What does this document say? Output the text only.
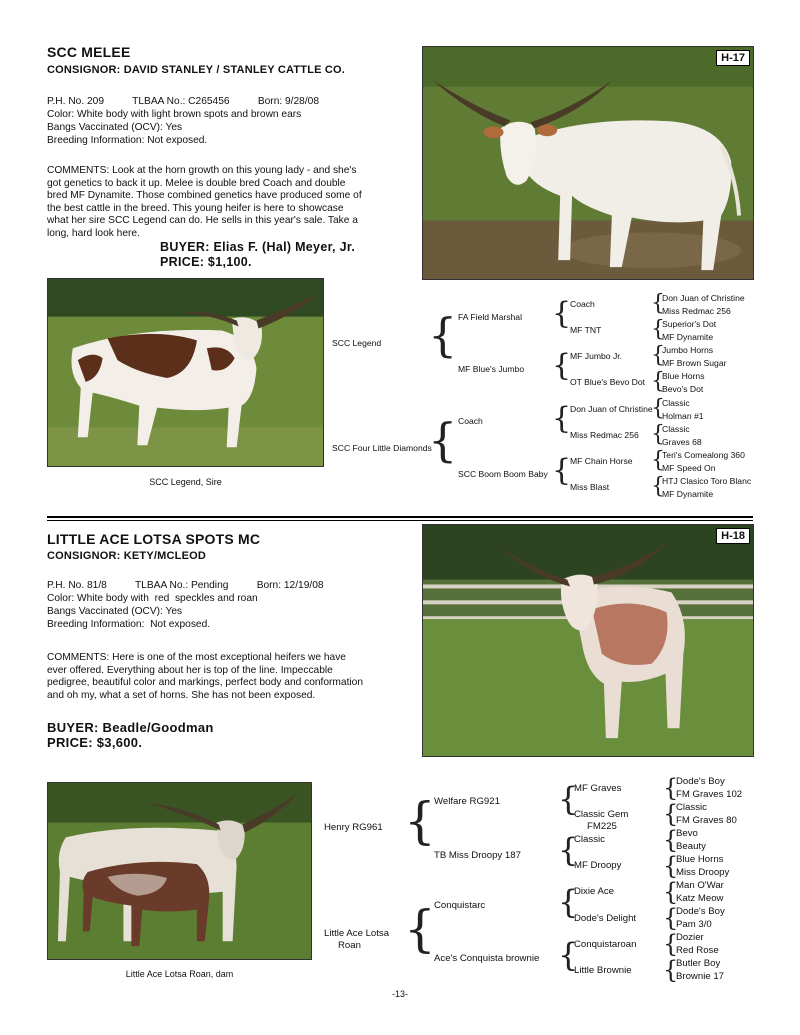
SCC MELEE
CONSIGNOR: DAVID STANLEY / STANLEY CATTLE CO.
P.H. No. 209          TLBAA No.: C265456          Born: 9/28/08
Color: White body with light brown spots and brown ears
Bangs Vaccinated (OCV): Yes
Breeding Information: Not exposed.
COMMENTS: Look at the horn growth on this young lady - and she's
got genetics to back it up. Melee is double bred Coach and double
bred MF Dynamite. Those combined genetics have produced some of
the best cattle in the breed. This young heifer is here to showcase
what her sire SCC Legend can do. He sells in this year's sale. Take a
long, hard look here.
BUYER: Elias F. (Hal) Meyer, Jr.
PRICE: $1,100.
H-17
SCC Legend, Sire
SCC Legend
SCC Four Little Diamonds
{
{
FA Field Marshal
MF Blue's Jumbo
Coach
SCC Boom Boom Baby
{
{
{
{
Coach
MF TNT
MF Jumbo Jr.
OT Blue's Bevo Dot
Don Juan of Christine
Miss Redmac 256
MF Chain Horse
Miss Blast
{
{
{
{
{
{
{
{
Don Juan of Christine
Miss Redmac 256
Superior's Dot
MF Dynamite
Jumbo Horns
MF Brown Sugar
Blue Horns
Bevo's Dot
Classic
Holman #1
Classic
Graves 68
Teri's Comealong 360
MF Speed On
HTJ Clasico Toro Blanc
MF Dynamite
LITTLE ACE LOTSA SPOTS MC
CONSIGNOR: KETY/MCLEOD
P.H. No. 81/8          TLBAA No.: Pending          Born: 12/19/08
Color: White body with  red  speckles and roan
Bangs Vaccinated (OCV): Yes
Breeding Information:  Not exposed.
COMMENTS: Here is one of the most exceptional heifers we have
ever offered. Everything about her is top of the line. Impeccable
pedigree, beautiful color and markings, perfect body and conformation
and oh my, what a set of horns. She has not been exposed.
BUYER: Beadle/Goodman
PRICE: $3,600.
H-18
Little Ace Lotsa Roan, dam
Henry RG961
Little Ace Lotsa
Roan
{
{
Welfare RG921
TB Miss Droopy 187
Conquistarc
Ace's Conquista brownie
{
{
{
{
MF Graves
Classic Gem
FM225
Classic
MF Droopy
Dixie Ace
Dode's Delight
Conquistaroan
Little Brownie
{
{
{
{
{
{
{
{
Dode's Boy
FM Graves 102
Classic
FM Graves 80
Bevo
Beauty
Blue Horns
Miss Droopy
Man O'War
Katz Meow
Dode's Boy
Pam 3/0
Dozier
Red Rose
Butler Boy
Brownie 17
-13-
